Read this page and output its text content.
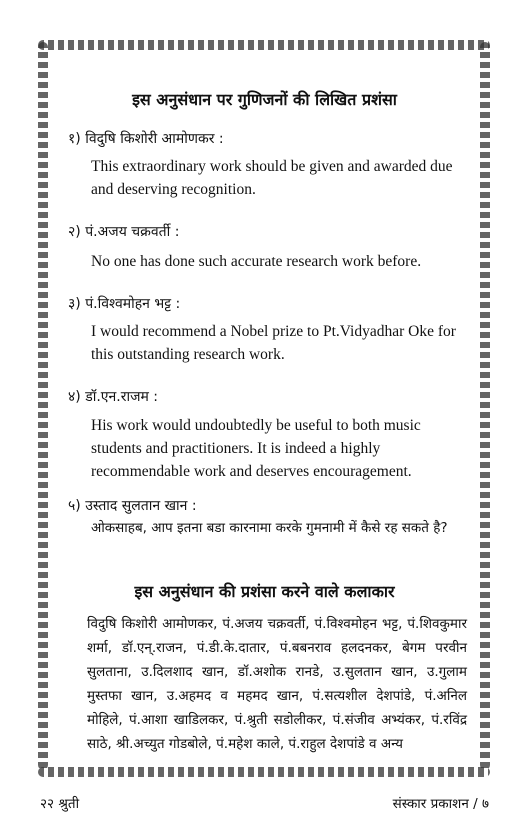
इस अनुसंधान पर गुणिजनों की लिखित प्रशंसा
१) विदुषि किशोरी आमोणकर :
This extraordinary work should be given and awarded due and deserving recognition.
२) पं.अजय चक्रवर्ती :
No one has done such accurate research work before.
३) पं.विश्वमोहन भट्ट :
I would recommend a Nobel prize to Pt.Vidyadhar Oke for this outstanding research work.
४) डॉ.एन.राजम :
His work would undoubtedly be useful to both music students and practitioners. It is indeed a highly recommendable work and deserves encouragement.
५) उस्ताद सुलतान खान :
ओकसाहब, आप इतना बडा कारनामा करके गुमनामी में कैसे रह सकते है?
इस अनुसंधान की प्रशंसा करने वाले कलाकार
विदुषि किशोरी आमोणकर, पं.अजय चक्रवर्ती, पं.विश्वमोहन भट्ट, पं.शिवकुमार शर्मा, डॉ.एन्.राजन, पं.डी.के.दातार, पं.बबनराव हलदनकर, बेगम परवीन सुलताना, उ.दिलशाद खान, डॉ.अशोक रानडे, उ.सुलतान खान, उ.गुलाम मुस्तफा खान, उ.अहमद व महमद खान, पं.सत्यशील देशपांडे, पं.अनिल मोहिले, पं.आशा खाडिलकर, पं.श्रुती सडोलीकर, पं.संजीव अभ्यंकर, पं.रविंद्र साठे, श्री.अच्युत गोडबोले, पं.महेश काले, पं.राहुल देशपांडे व अन्य
२२ श्रुती	संस्कार प्रकाशन / ७
